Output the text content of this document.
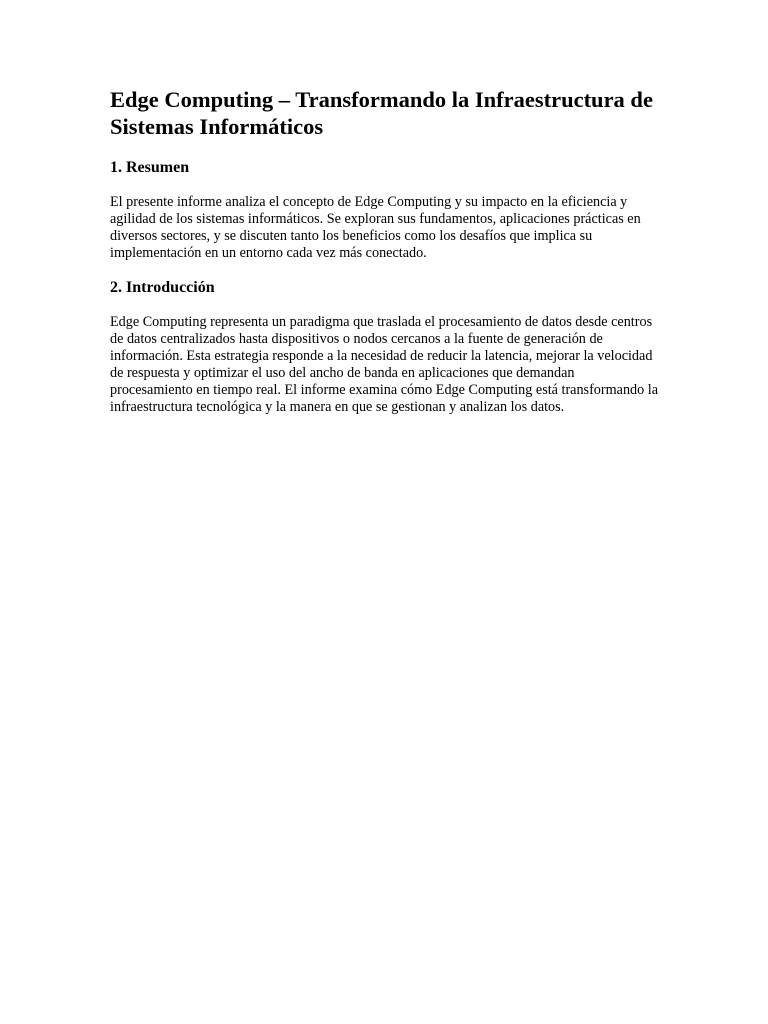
Edge Computing – Transformando la Infraestructura de Sistemas Informáticos
1. Resumen

El presente informe analiza el concepto de Edge Computing y su impacto en la eficiencia y agilidad de los sistemas informáticos. Se exploran sus fundamentos, aplicaciones prácticas en diversos sectores, y se discuten tanto los beneficios como los desafíos que implica su implementación en un entorno cada vez más conectado.

2. Introducción

Edge Computing representa un paradigma que traslada el procesamiento de datos desde centros de datos centralizados hasta dispositivos o nodos cercanos a la fuente de generación de información. Esta estrategia responde a la necesidad de reducir la latencia, mejorar la velocidad de respuesta y optimizar el uso del ancho de banda en aplicaciones que demandan procesamiento en tiempo real. El informe examina cómo Edge Computing está transformando la infraestructura tecnológica y la manera en que se gestionan y analizan los datos.
